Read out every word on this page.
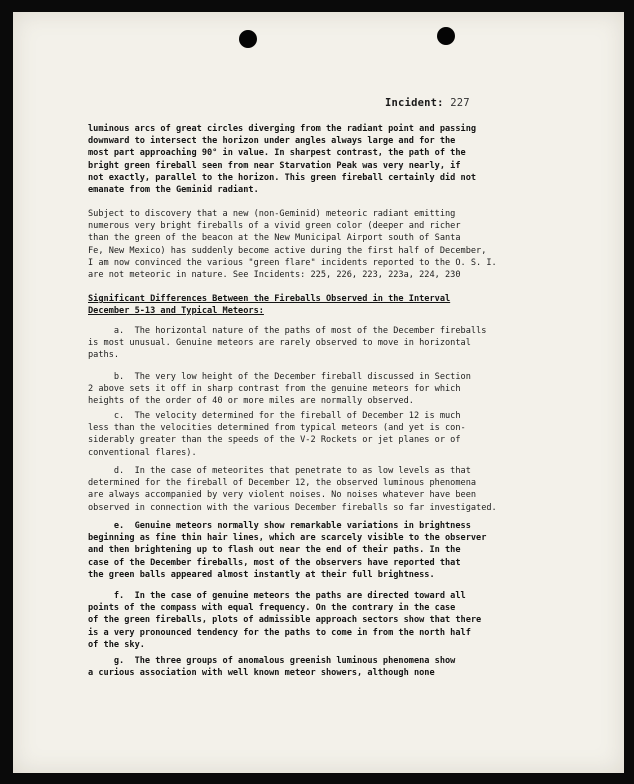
Incident: 227
luminous arcs of great circles diverging from the radiant point and passing
downward to intersect the horizon under angles always large and for the
most part approaching 90° in value. In sharpest contrast, the path of the
bright green fireball seen from near Starvation Peak was very nearly, if
not exactly, parallel to the horizon. This green fireball certainly did not
emanate from the Geminid radiant.
Subject to discovery that a new (non-Geminid) meteoric radiant emitting
numerous very bright fireballs of a vivid green color (deeper and richer
than the green of the beacon at the New Municipal Airport south of Santa
Fe, New Mexico) has suddenly become active during the first half of December,
I am now convinced the various "green flare" incidents reported to the O. S. I.
are not meteoric in nature. See Incidents: 225, 226, 223, 223a, 224, 230
Significant Differences Between the Fireballs Observed in the Interval
December 5-13 and Typical Meteors:
a.  The horizontal nature of the paths of most of the December fireballs
is most unusual. Genuine meteors are rarely observed to move in horizontal
paths.
b.  The very low height of the December fireball discussed in Section
2 above sets it off in sharp contrast from the genuine meteors for which
heights of the order of 40 or more miles are normally observed.
c.  The velocity determined for the fireball of December 12 is much
less than the velocities determined from typical meteors (and yet is con-
siderably greater than the speeds of the V-2 Rockets or jet planes or of
conventional flares).
d.  In the case of meteorites that penetrate to as low levels as that
determined for the fireball of December 12, the observed luminous phenomena
are always accompanied by very violent noises. No noises whatever have been
observed in connection with the various December fireballs so far investigated.
e.  Genuine meteors normally show remarkable variations in brightness
beginning as fine thin hair lines, which are scarcely visible to the observer
and then brightening up to flash out near the end of their paths. In the
case of the December fireballs, most of the observers have reported that
the green balls appeared almost instantly at their full brightness.
f.  In the case of genuine meteors the paths are directed toward all
points of the compass with equal frequency. On the contrary in the case
of the green fireballs, plots of admissible approach sectors show that there
is a very pronounced tendency for the paths to come in from the north half
of the sky.
g.  The three groups of anomalous greenish luminous phenomena show
a curious association with well known meteor showers, although none
